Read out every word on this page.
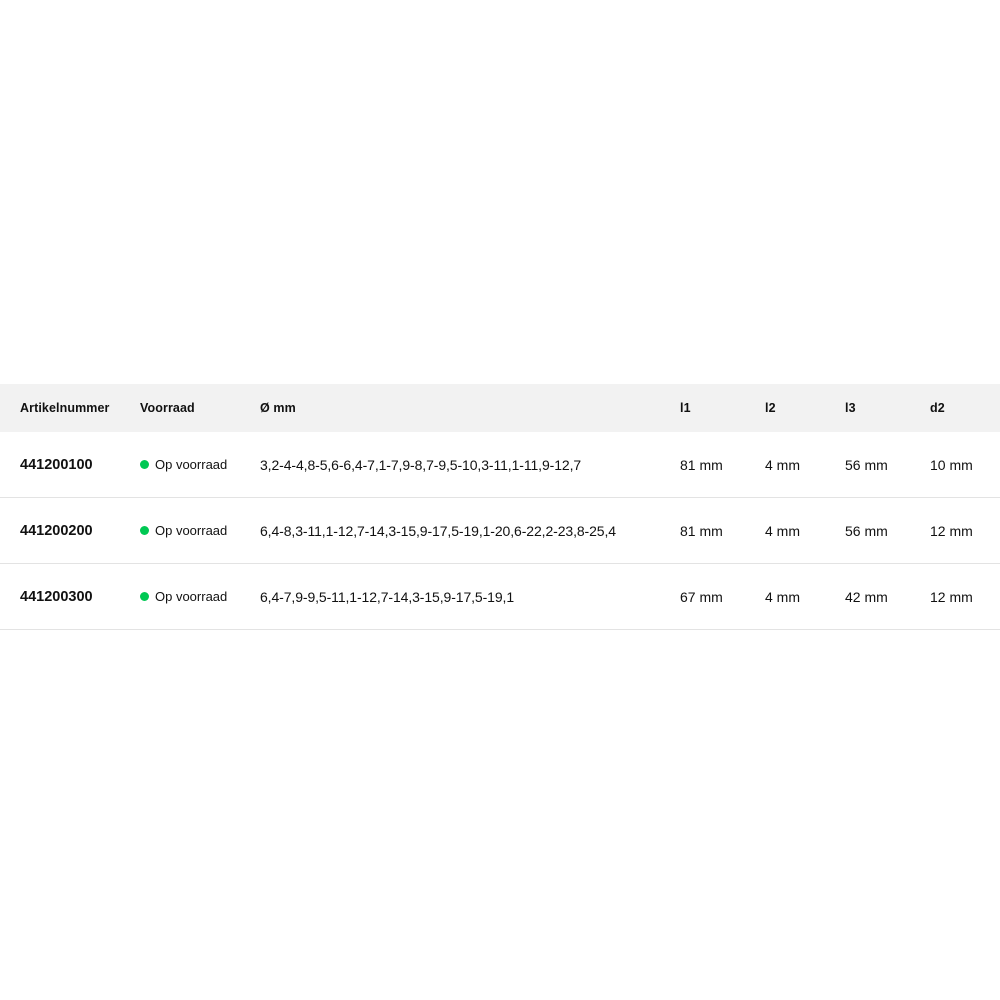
Artikelnummer	Voorraad	Ø mm	l1	l2	l3	d2
441200100	Op voorraad	3,2-4-4,8-5,6-6,4-7,1-7,9-8,7-9,5-10,3-11,1-11,9-12,7	81 mm	4 mm	56 mm	10 mm
441200200	Op voorraad	6,4-8,3-11,1-12,7-14,3-15,9-17,5-19,1-20,6-22,2-23,8-25,4	81 mm	4 mm	56 mm	12 mm
441200300	Op voorraad	6,4-7,9-9,5-11,1-12,7-14,3-15,9-17,5-19,1	67 mm	4 mm	42 mm	12 mm
